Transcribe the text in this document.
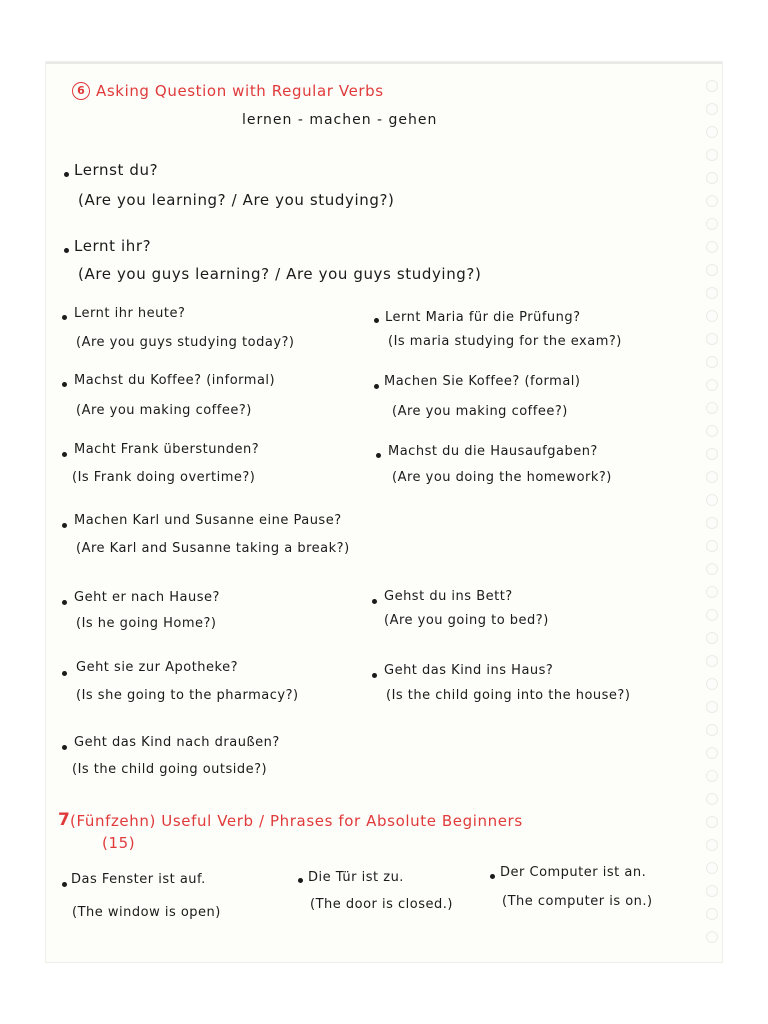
6 Asking Question with Regular Verbs
lernen - machen - gehen
Lernst du?
(Are you learning? / Are you studying?)
Lernt ihr?
(Are you guys learning? / Are you guys studying?)
Lernt ihr heute?
(Are you guys studying today?)
Lernt Maria für die Prüfung?
(Is maria studying for the exam?)
Machst du Koffee? (informal)
(Are you making coffee?)
Machen Sie Koffee? (formal)
(Are you making coffee?)
Macht Frank überstunden?
(Is Frank doing overtime?)
Machst du die Hausaufgaben?
(Are you doing the homework?)
Machen Karl und Susanne eine Pause?
(Are Karl and Susanne taking a break?)
Geht er nach Hause?
(Is he going Home?)
Gehst du ins Bett?
(Are you going to bed?)
Geht sie zur Apotheke?
(Is she going to the pharmacy?)
Geht das Kind ins Haus?
(Is the child going into the house?)
Geht das Kind nach draußen?
(Is the child going outside?)
7 (Fünfzehn) Useful Verb / Phrases for Absolute Beginners
(15)
Das Fenster ist auf.
(The window is open)
Die Tür ist zu.
(The door is closed.)
Der Computer ist an.
(The computer is on.)
